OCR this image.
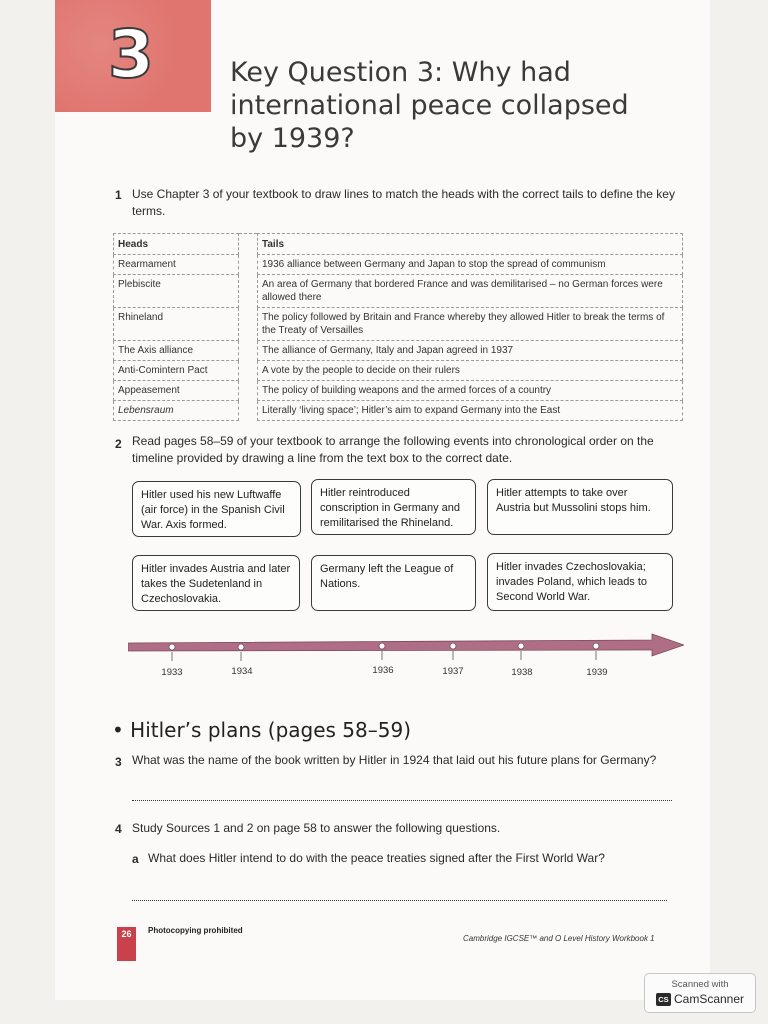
3	Key Question 3: Why had international peace collapsed by 1939?
1 Use Chapter 3 of your textbook to draw lines to match the heads with the correct tails to define the key terms.
Heads		Tails
Rearmament		1936 alliance between Germany and Japan to stop the spread of communism
Plebiscite		An area of Germany that bordered France and was demilitarised – no German forces were allowed there
Rhineland		The policy followed by Britain and France whereby they allowed Hitler to break the terms of the Treaty of Versailles
The Axis alliance		The alliance of Germany, Italy and Japan agreed in 1937
Anti-Comintern Pact		A vote by the people to decide on their rulers
Appeasement		The policy of building weapons and the armed forces of a country
Lebensraum		Literally ‘living space’; Hitler’s aim to expand Germany into the East
2 Read pages 58–59 of your textbook to arrange the following events into chronological order on the timeline provided by drawing a line from the text box to the correct date.
Hitler used his new Luftwaffe (air force) in the Spanish Civil War. Axis formed.
Hitler reintroduced conscription in Germany and remilitarised the Rhineland.
Hitler attempts to take over Austria but Mussolini stops him.
Hitler invades Austria and later takes the Sudetenland in Czechoslovakia.
Germany left the League of Nations.
Hitler invades Czechoslovakia; invades Poland, which leads to Second World War.
1933	1934	1936	1937	1938	1939
• Hitler’s plans (pages 58–59)
3 What was the name of the book written by Hitler in 1924 that laid out his future plans for Germany?
4 Study Sources 1 and 2 on page 58 to answer the following questions.
a What does Hitler intend to do with the peace treaties signed after the First World War?
26	Photocopying prohibited
Cambridge IGCSE™ and O Level History Workbook 1
Scanned with
CS CamScanner
